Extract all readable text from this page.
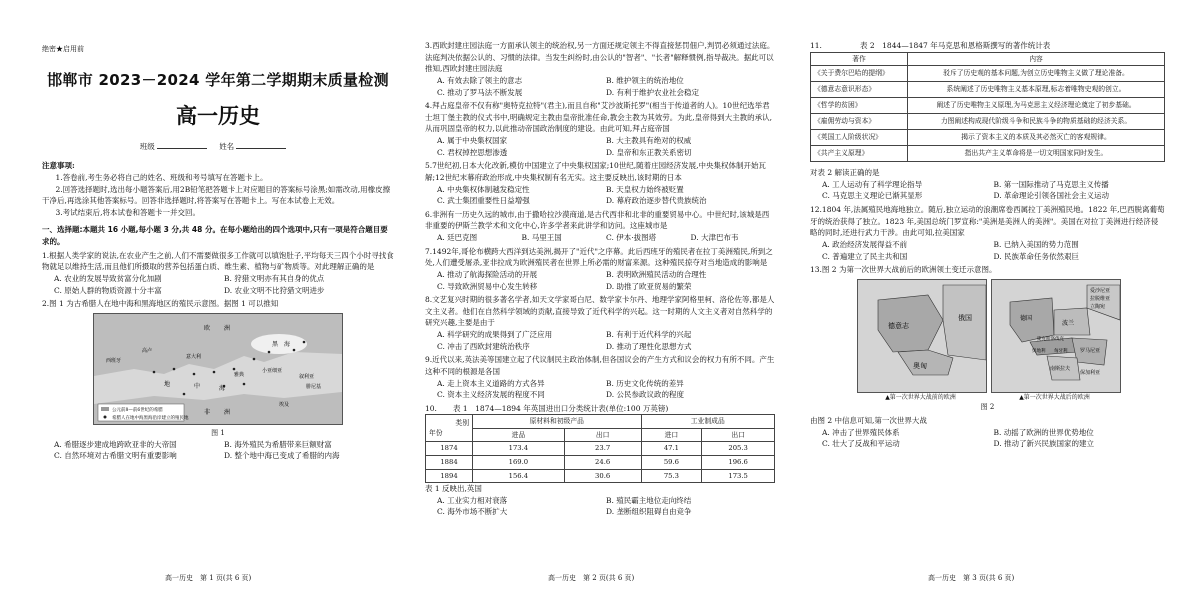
绝密★启用前
邯郸市 2023－2024 学年第二学期期末质量检测
高一历史
班级	姓名
注意事项:
1.答卷前,考生务必将自己的姓名、班级和考号填写在答题卡上。
2.回答选择题时,选出每小题答案后,用2B铅笔把答题卡上对应题目的答案标号涂黑;如需改动,用橡皮擦干净后,再选涂其他答案标号。回答非选择题时,将答案写在答题卡上。写在本试卷上无效。
3.考试结束后,将本试卷和答题卡一并交回。
一、选择题:本题共 16 小题,每小题 3 分,共 48 分。在每小题给出的四个选项中,只有一项是符合题目要求的。
1.根据人类学家的说法,在农业产生之前,人们不需要做很多工作就可以填饱肚子,平均每天三四个小时寻找食物就足以维持生活,而且他们所摄取的营养包括蛋白质、维生素、植物与矿物质等。对此理解正确的是
A. 农业的发展导致贫富分化加剧	B. 狩猎文明亦有其自身的优点
C. 原始人群的物质资源十分丰富	D. 农业文明不比狩猎文明进步
2.图 1 为古希腊人在地中海和黑海地区的殖民示意图。据图 1 可以推知
公元前8—前6世纪的希腊
希腊人在地中海黑海沿岸建立的殖民地
欧 洲
西班牙
高卢
意大利
黑 海
小亚细亚
叙利亚
腓尼基
地	中	海
非 洲
埃及
雅典
图 1
A. 希腊逐步建成地跨欧亚非的大帝国	B. 海外殖民为希腊带来巨额财富
C. 自然环境对古希腊文明有重要影响	D. 整个地中海已变成了希腊的内海
3.西欧封建庄园法庭一方面承认领主的统治权,另一方面还规定领主不得直接惩罚佃户,判罚必须通过法庭。法庭判决依据公认的、习惯的法律。当发生纠纷时,由公认的"智者"、"长者"解释惯例,指导裁决。据此可以推知,西欧封建庄园法庭
A. 有效去除了领主的意志	B. 维护领主的统治地位
C. 推动了罗马法不断发展	D. 有利于维护农业社会稳定
4.拜占庭皇帝不仅有称"奥特克拉特"(君主),而且自称"艾沙波斯托罗"(相当于传道者的人)。10世纪选举君士坦丁堡主教的仪式书中,明确规定主教由皇帝批准任命,教会主教为其效劳。为此,皇帝得到大主教的承认,从而巩固皇帝的权力,以此推动帝国政治制度的建设。由此可知,拜占庭帝国
A. 属于中央集权国家	B. 大主教具有绝对的权威
C. 君权掉控思想渗透	D. 皇帝和东正教关系密切
5.7世纪初,日本大化改新,模仿中国建立了中央集权国家;10世纪,随着庄园经济发展,中央集权体制开始瓦解;12世纪末幕府政治形成,中央集权制有名无实。这主要反映出,该时期的日本
A. 中央集权体制越发稳定性	B. 天皇权力始终被贬置
C. 武士集团重要性日益增强	D. 幕府政治逐步替代贵族统治
6.非洲有一历史久远的城市,由于撒哈拉沙漠商道,是古代西非和北非的重要贸易中心。中世纪时,该城是西非重要的伊斯兰教学术和文化中心,许多学者来此讲学和访问。这座城市是
A. 廷巴克图	B. 马里王国	C. 伊本·拔图塔	D. 大津巴布韦
7.1492年,哥伦布横跨大西洋到达美洲,揭开了"近代"之序幕。此后西班牙的殖民者在拉丁美洲殖民,所到之处,人们遭受屠杀,亚非拉成为欧洲殖民者在世界上所必需的财富来源。这种殖民掠夺对当地造成的影响是
A. 推动了航海探险活动的开展	B. 表明欧洲殖民活动的合理性
C. 导致欧洲贸易中心发生转移	D. 助推了欧亚贸易的繁荣
8.文艺复兴时期的很多著名学者,如天文学家哥白尼、数学家卡尔丹、地理学家阿格里柯、洛伦佐等,都是人文主义者。他们在自然科学领域的贡献,直接导致了近代科学的兴起。这一时期的人文主义者对自然科学的研究兴趣,主要是由于
A. 科学研究的成果得到了广泛应用	B. 有利于近代科学的兴起
C. 冲击了西欧封建统治秩序	D. 推动了理性化思想方式
9.近代以来,英法美等国建立起了代议制民主政治体制,但各国议会的产生方式和议会的权力有所不同。产生这种不同的根源是各国
A. 走上资本主义道路的方式各异	B. 历史文化传统的差异
C. 资本主义经济发展的程度不同	D. 公民参政议政的程度
10.	表 1　1874—1894 年英国进出口分类统计表(单位:100 万英镑)
类别
年份	原材料和初级产品		工业制成品	
	进品	出口	进口	出口
1874	173.4	23.7	47.1	205.3
1884	169.0	24.6	59.6	196.6
1894	156.4	30.6	75.3	173.5
表 1 反映出,英国
A. 工业实力相对衰落	B. 殖民霸主地位走向终结
C. 海外市场不断扩大	D. 垄断组织阻碍自由竞争
11.	表 2　1844—1847 年马克思和恩格斯撰写的著作统计表
著作	内容
《关于费尔巴哈的提纲》	驳斥了历史观的基本问题,为创立历史唯物主义做了理论准备。
《德意志意识形态》	系统阐述了历史唯物主义基本原理,标志着唯物史观的创立。
《哲学的贫困》	阐述了历史唯物主义原理,为马克思主义经济理论奠定了初步基础。
《雇佣劳动与资本》	力图阐述构成现代阶级斗争和民族斗争的物质基础的经济关系。
《英国工人阶级状况》	揭示了资本主义的本质及其必然灭亡的客观规律。
《共产主义原理》	指出共产主义革命将是一切文明国家同时发生。
对表 2 解读正确的是
A. 工人运动有了科学理论指导	B. 第一国际推动了马克思主义传播
C. 马克思主义理论已渐其显形	D. 革命理论引领各国社会主义运动
12.1804 年,法属殖民地海地独立。随后,独立运动的浪潮席卷西属拉丁美洲殖民地。1822 年,巴西脱离葡萄牙的统治获得了独立。1823 年,美国总统门罗宣称:"美洲是美洲人的美洲"。美国在对拉丁美洲进行经济侵略的同时,还进行武力干涉。由此可知,拉美国家
A. 政治经济发展得益不前	B. 已纳入美国的势力范围
C. 普遍建立了民主共和国	D. 民族革命任务依然艰巨
13.图 2 为第一次世界大战前后的欧洲领土变迁示意图。
德意志
奥匈
俄国
▲第一次世界大战前的欧洲
爱沙尼亚
拉脱维亚
立陶宛
波兰
德国
奥地利
捷克斯洛伐克
匈牙利	罗马尼亚
南斯拉夫
保加利亚
▲第一次世界大战后的欧洲
图 2
由图 2 中信息可知,第一次世界大战
A. 冲击了世界殖民体系	B. 动摇了欧洲的世界优势地位
C. 壮大了反战和平运动	D. 推动了新兴民族国家的建立
高一历史　第 1 页(共 6 页)	高一历史　第 2 页(共 6 页)	高一历史　第 3 页(共 6 页)
